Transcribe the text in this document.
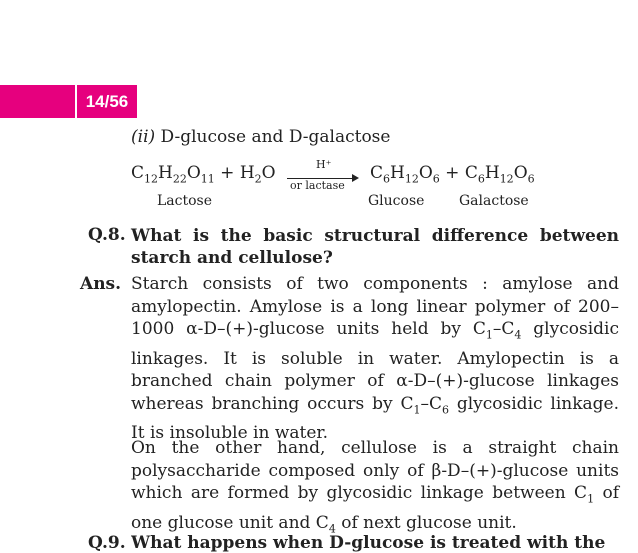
14/56
(ii) D-glucose and D-galactose
$C_{12}H_{22}O_{11} + H_2O$	H⁺
or lactase
$C_6H_{12}O_6 + C_6H_{12}O_6$
Lactose	Glucose Galactose
Q.8. What is the basic structural difference between starch and cellulose?
Ans. Starch consists of two components : amylose and amylopectin. Amylose is a long linear polymer of 200–1000 α-D–(+)-glucose units held by $C_1-C_4$ glycosidic linkages. It is soluble in water. Amylopectin is a branched chain polymer of α-D–(+)-glucose linkages whereas branching occurs by $C_1-C_6$ glycosidic linkage. It is insoluble in water.
On the other hand, cellulose is a straight chain polysaccharide composed only of β-D–(+)-glucose units which are formed by glycosidic linkage between $C_1$ of one glucose unit and $C_4$ of next glucose unit.
Q.9. What happens when D-glucose is treated with the
